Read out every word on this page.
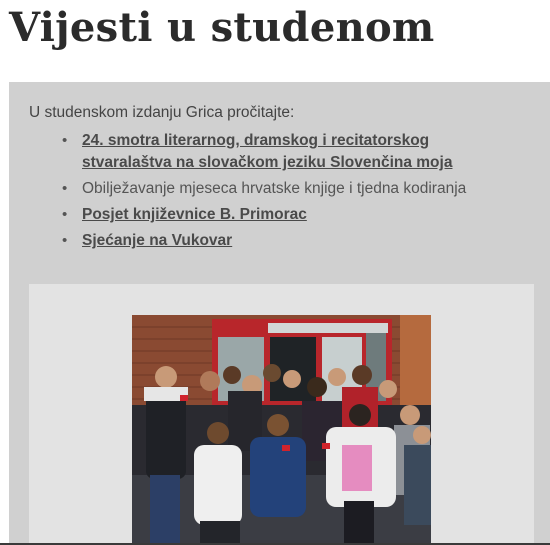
Vijesti u studenom
U studenskom izdanju Grica pročitajte:
• 24. smotra literarnog, dramskog i recitatorskog stvaralaštva na slovačkom jeziku Slovenčina moja
• Obilježavanje mjeseca hrvatske knjige i tjedna kodiranja
• Posjet književnice B. Primorac
• Sjećanje na Vukovar
